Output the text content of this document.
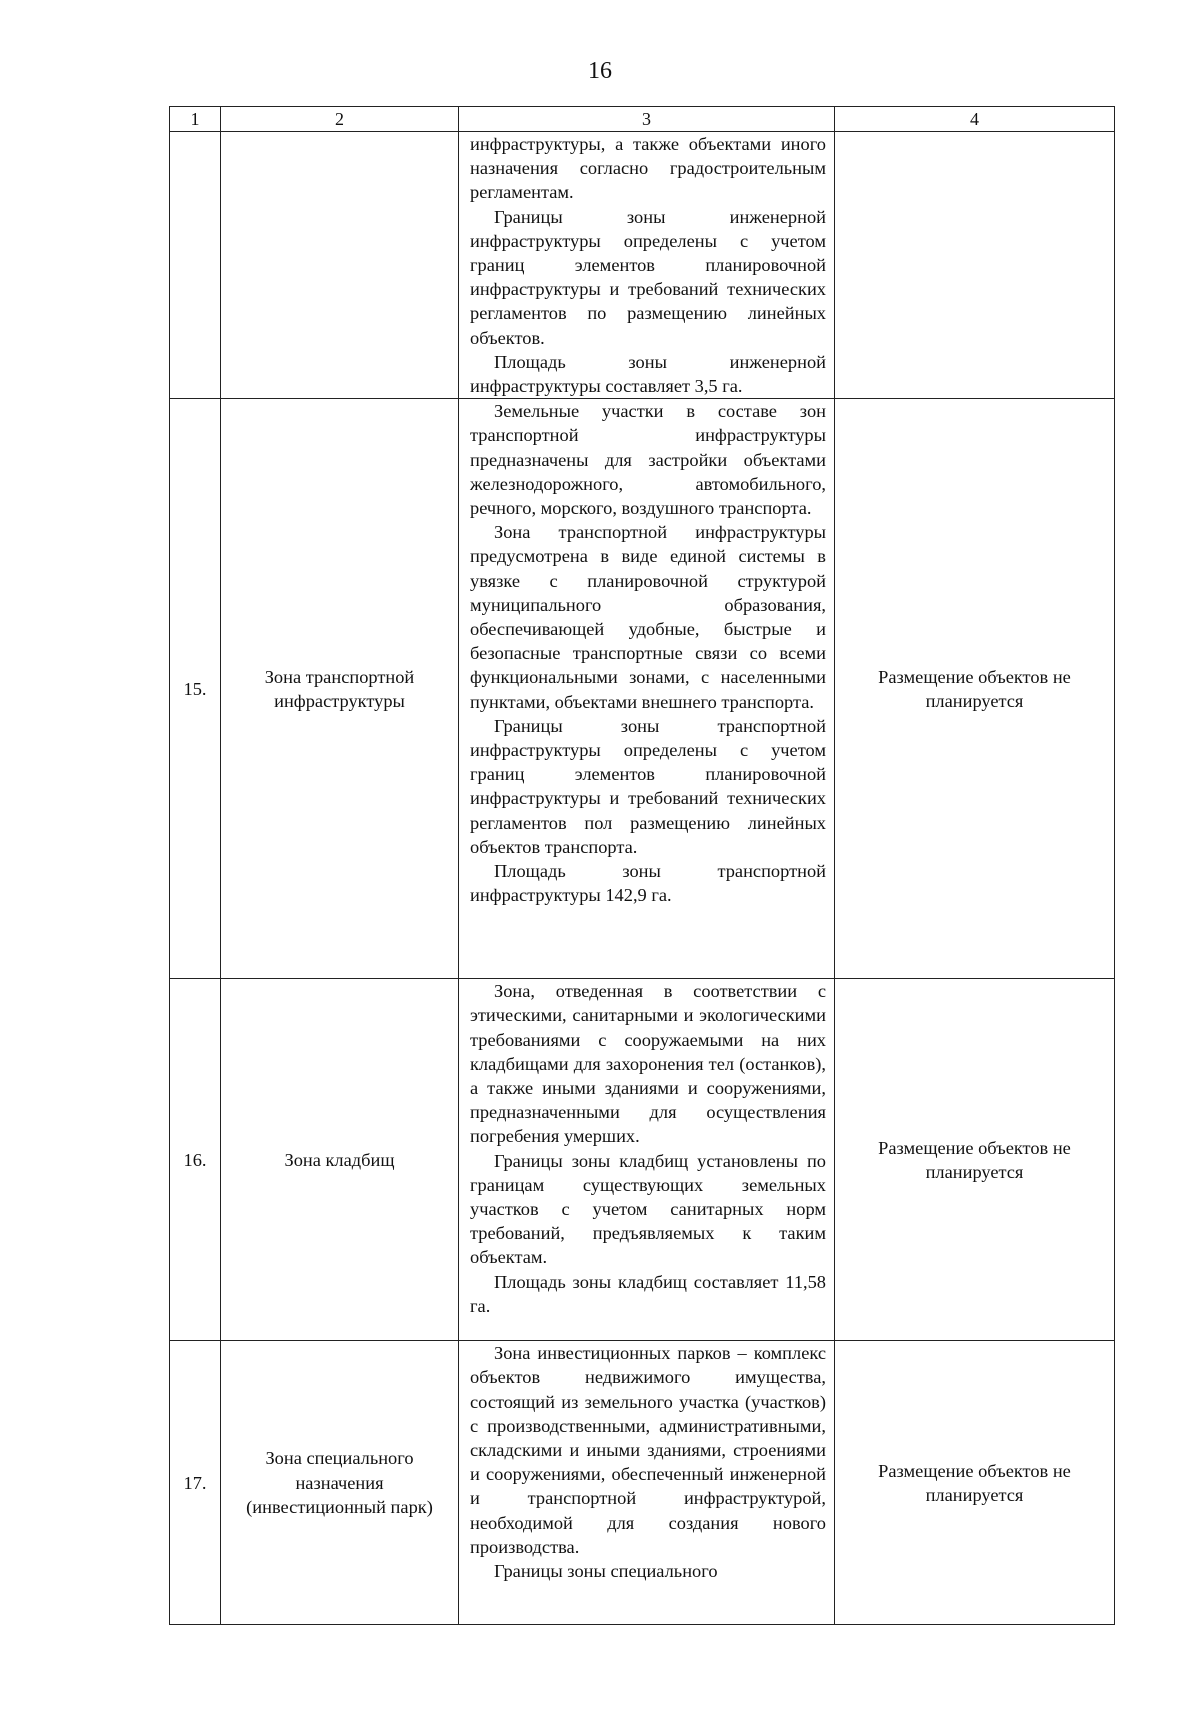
16
1	2	3	4

		инфраструктуры, а также объектами иного назначения согласно градостроительным регламентам.

Границы зоны инженерной инфраструктуры определены с учетом границ элементов планировочной инфраструктуры и требований технических регламентов по размещению линейных объектов.

Площадь зоны инженерной инфраструктуры составляет 3,5 га.	

15.	Зона транспортной инфраструктуры	Земельные участки в составе зон транспортной инфраструктуры предназначены для застройки объектами железнодорожного, автомобильного, речного, морского, воздушного транспорта.

Зона транспортной инфраструктуры предусмотрена в виде единой системы в увязке с планировочной структурой муниципального образования, обеспечивающей удобные, быстрые и безопасные транспортные связи со всеми функциональными зонами, с населенными пунктами, объектами внешнего транспорта.

Границы зоны транспортной инфраструктуры определены с учетом границ элементов планировочной инфраструктуры и требований технических регламентов пол размещению линейных объектов транспорта.

Площадь зоны транспортной инфраструктуры 142,9 га.	Размещение объектов не планируется
16.	Зона кладбищ	Зона, отведенная в соответствии с этическими, санитарными и экологическими требованиями с сооружаемыми на них кладбищами для захоронения тел (останков), а также иными зданиями и сооружениями, предназначенными для осуществления погребения умерших.

Границы зоны кладбищ установлены по границам существующих земельных участков с учетом санитарных норм требований, предъявляемых к таким объектам.

Площадь зоны кладбищ составляет 11,58 га.	Размещение объектов не планируется
17.	Зона специального назначения (инвестиционный парк)	Зона инвестиционных парков – комплекс объектов недвижимого имущества, состоящий из земельного участка (участков) с производственными, административными, складскими и иными зданиями, строениями и сооружениями, обеспеченный инженерной и транспортной инфраструктурой, необходимой для создания нового производства.

Границы зоны специального	Размещение объектов не планируется
